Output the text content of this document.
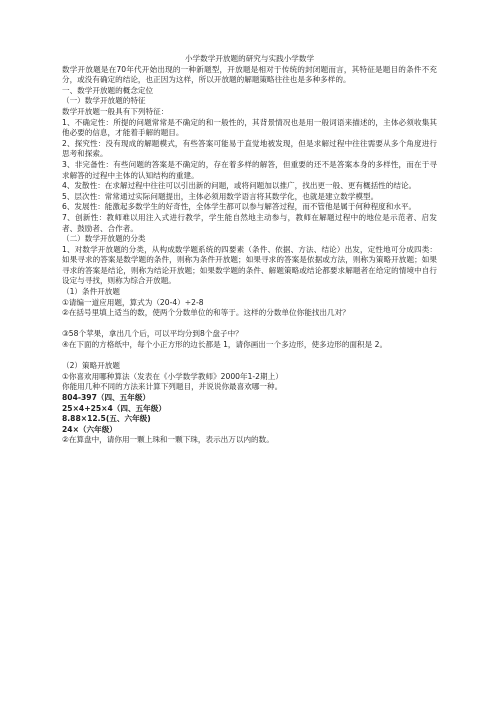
小学数学开放题的研究与实践小学数学

数学开放题是在70年代开始出现的一种新题型，开放题是相对于传统的封闭题而言，其特征是题目的条件不充分，或没有确定的结论，也正因为这样，所以开放题的解题策略往往也是多种多样的。

一、数学开放题的概念定位

（一）数学开放题的特征

数学开放题一般具有下列特征：

1、不确定性：所提的问题常常是不确定的和一般性的，其背景情况也是用一般词语来描述的，主体必须收集其他必要的信息，才能着手解的题目。

2、探究性：没有现成的解题模式，有些答案可能易于直觉地被发现，但是求解过程中往往需要从多个角度进行思考和探索。

3、非完备性：有些问题的答案是不确定的，存在着多样的解答，但重要的还不是答案本身的多样性，而在于寻求解答的过程中主体的认知结构的重建。

4、发散性：在求解过程中往往可以引出新的问题，或将问题加以推广，找出更一般、更有概括性的结论。

5、层次性：常常通过实际问题提出，主体必须用数学语言将其数学化，也就是建立数学模型。

6、发展性：能激起多数学生的好奇性，全体学生都可以参与解答过程，而不管他是属于何种程度和水平。

7、创新性：教师难以用注入式进行教学，学生能自然地主动参与，教师在解题过程中的地位是示范者、启发者、鼓励者、合作者。

（二）数学开放题的分类

1、对数学开放题的分类，从构成数学题系统的四要素（条件、依据、方法、结论）出发，定性地可分成四类：如果寻求的答案是数学题的条件，则称为条件开放题；如果寻求的答案是依据或方法，则称为策略开放题；如果寻求的答案是结论，则称为结论开放题；如果数学题的条件、解题策略或结论都要求解题者在给定的情境中自行设定与寻找，则称为综合开放题。

（1）条件开放题

①请编一道应用题，算式为（20-4）÷2-8

②在括号里填上适当的数，使两个分数单位的和等于。这样的分数单位你能找出几对？

③58个苹果，拿出几个后，可以平均分到8个盘子中？

④在下面的方格纸中，每个小正方形的边长都是 1，请你画出一个多边形，使多边形的面积是 2。

（2）策略开放题

①你喜欢用哪种算法（发表在《小学数学教师》2000年1-2期上）

你能用几种不同的方法来计算下列题目，并说说你最喜欢哪一种。

804-397（四、五年级）

25×4+25×4（四、五年级）

8.88×12.5(五、六年级)

24×（六年级）

②在算盘中，请你用一颗上珠和一颗下珠，表示出万以内的数。
